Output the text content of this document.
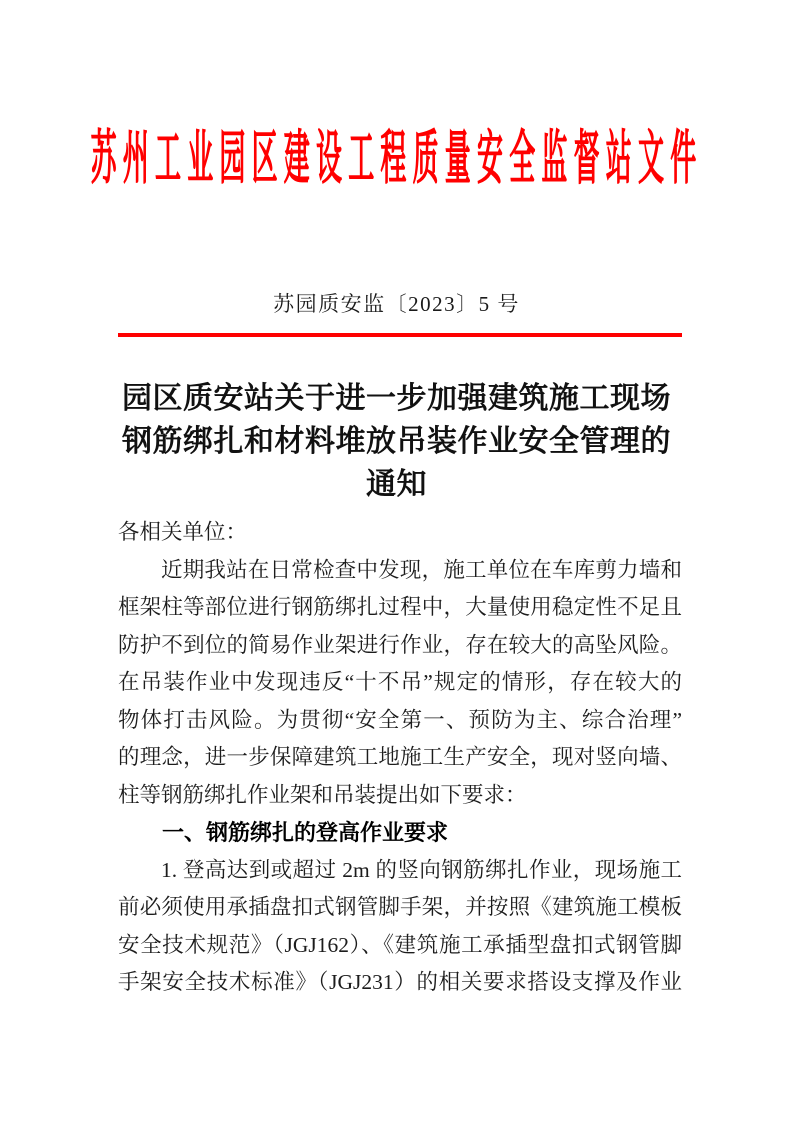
苏州工业园区建设工程质量安全监督站文件
苏园质安监〔2023〕5 号
园区质安站关于进一步加强建筑施工现场
钢筋绑扎和材料堆放吊装作业安全管理的
通知
各相关单位：
近期我站在日常检查中发现，施工单位在车库剪力墙和
框架柱等部位进行钢筋绑扎过程中，大量使用稳定性不足且
防护不到位的简易作业架进行作业，存在较大的高坠风险。
在吊装作业中发现违反“十不吊”规定的情形，存在较大的
物体打击风险。为贯彻“安全第一、预防为主、综合治理”
的理念，进一步保障建筑工地施工生产安全，现对竖向墙、
柱等钢筋绑扎作业架和吊装提出如下要求：
一、钢筋绑扎的登高作业要求
1. 登高达到或超过 2m 的竖向钢筋绑扎作业，现场施工
前必须使用承插盘扣式钢管脚手架，并按照《建筑施工模板
安全技术规范》（JGJ162）、《建筑施工承插型盘扣式钢管脚
手架安全技术标准》（JGJ231）的相关要求搭设支撑及作业
